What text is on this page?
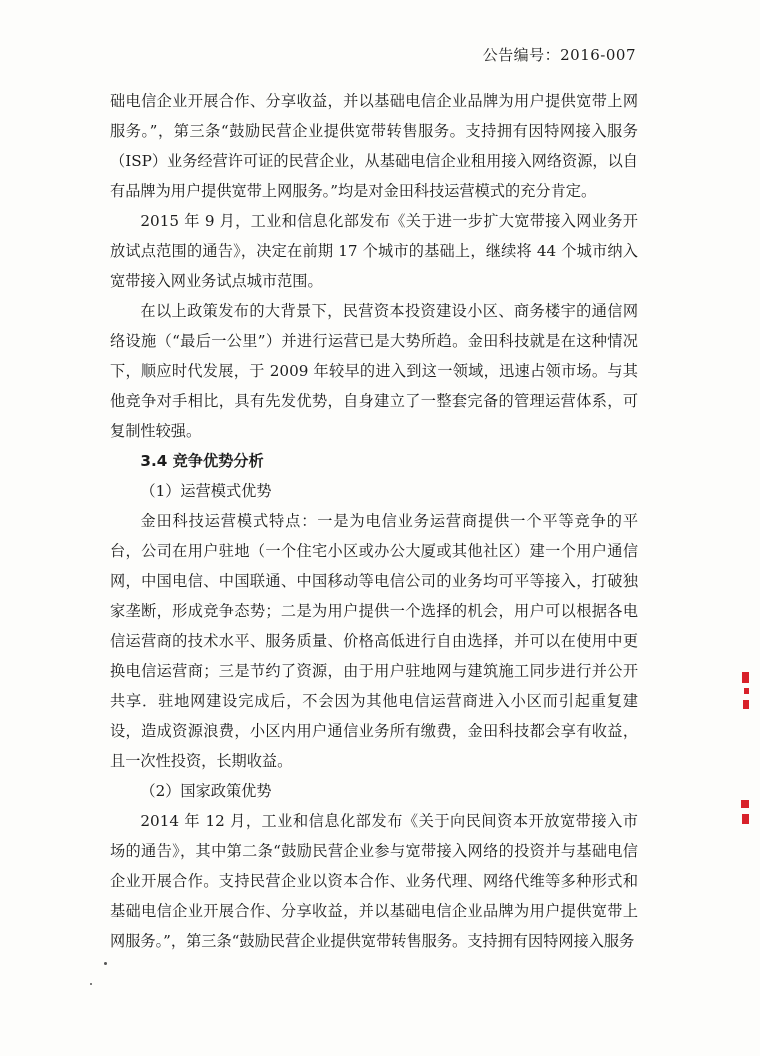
公告编号：2016-007

础电信企业开展合作、分享收益，并以基础电信企业品牌为用户提供宽带上网服务。”，第三条“鼓励民营企业提供宽带转售服务。支持拥有因特网接入服务（ISP）业务经营许可证的民营企业，从基础电信企业租用接入网络资源，以自有品牌为用户提供宽带上网服务。”均是对金田科技运营模式的充分肯定。

2015 年 9 月，工业和信息化部发布《关于进一步扩大宽带接入网业务开放试点范围的通告》，决定在前期 17 个城市的基础上，继续将 44 个城市纳入宽带接入网业务试点城市范围。

在以上政策发布的大背景下，民营资本投资建设小区、商务楼宇的通信网络设施（“最后一公里”）并进行运营已是大势所趋。金田科技就是在这种情况下，顺应时代发展，于 2009 年较早的进入到这一领域，迅速占领市场。与其他竞争对手相比，具有先发优势，自身建立了一整套完备的管理运营体系，可复制性较强。

3.4 竞争优势分析

（1）运营模式优势

金田科技运营模式特点：一是为电信业务运营商提供一个平等竞争的平台，公司在用户驻地（一个住宅小区或办公大厦或其他社区）建一个用户通信网，中国电信、中国联通、中国移动等电信公司的业务均可平等接入，打破独家垄断，形成竞争态势；二是为用户提供一个选择的机会，用户可以根据各电信运营商的技术水平、服务质量、价格高低进行自由选择，并可以在使用中更换电信运营商；三是节约了资源，由于用户驻地网与建筑施工同步进行并公开共享．驻地网建设完成后，不会因为其他电信运营商进入小区而引起重复建设，造成资源浪费，小区内用户通信业务所有缴费，金田科技都会享有收益，且一次性投资，长期收益。

（2）国家政策优势

2014 年 12 月，工业和信息化部发布《关于向民间资本开放宽带接入市场的通告》，其中第二条“鼓励民营企业参与宽带接入网络的投资并与基础电信企业开展合作。支持民营企业以资本合作、业务代理、网络代维等多种形式和基础电信企业开展合作、分享收益，并以基础电信企业品牌为用户提供宽带上网服务。”，第三条“鼓励民营企业提供宽带转售服务。支持拥有因特网接入服务
